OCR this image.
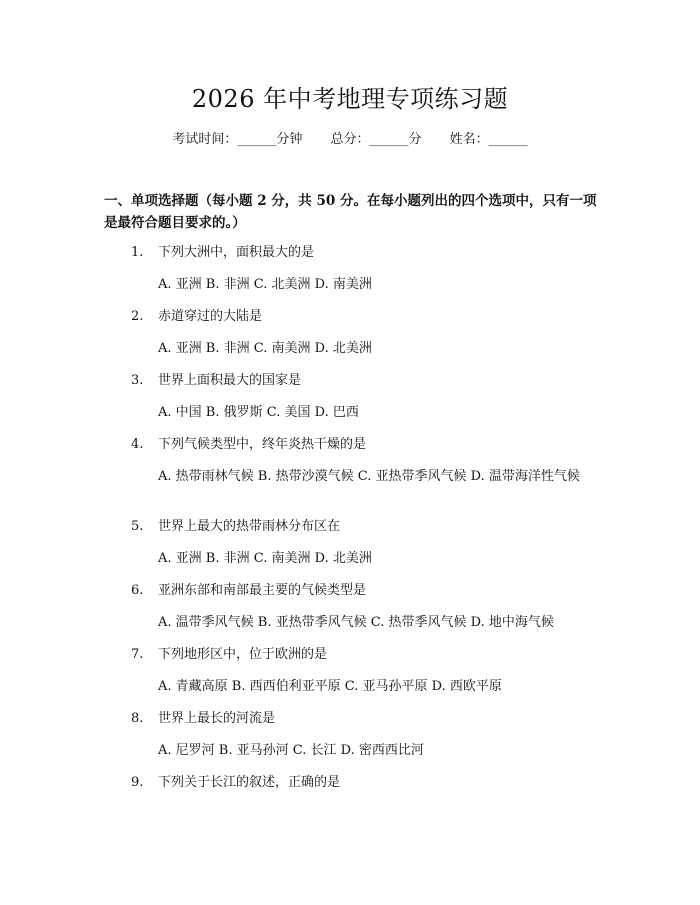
2026 年中考地理专项练习题
考试时间：______分钟 总分：______分 姓名：______
一、单项选择题（每小题 2 分，共 50 分。在每小题列出的四个选项中，只有一项是最符合题目要求的。）
1. 下列大洲中，面积最大的是
A. 亚洲 B. 非洲 C. 北美洲 D. 南美洲
2. 赤道穿过的大陆是
A. 亚洲 B. 非洲 C. 南美洲 D. 北美洲
3. 世界上面积最大的国家是
A. 中国 B. 俄罗斯 C. 美国 D. 巴西
4. 下列气候类型中，终年炎热干燥的是
A. 热带雨林气候 B. 热带沙漠气候 C. 亚热带季风气候 D. 温带海洋性气候
5. 世界上最大的热带雨林分布区在
A. 亚洲 B. 非洲 C. 南美洲 D. 北美洲
6. 亚洲东部和南部最主要的气候类型是
A. 温带季风气候 B. 亚热带季风气候 C. 热带季风气候 D. 地中海气候
7. 下列地形区中，位于欧洲的是
A. 青藏高原 B. 西西伯利亚平原 C. 亚马孙平原 D. 西欧平原
8. 世界上最长的河流是
A. 尼罗河 B. 亚马孙河 C. 长江 D. 密西西比河
9. 下列关于长江的叙述，正确的是
